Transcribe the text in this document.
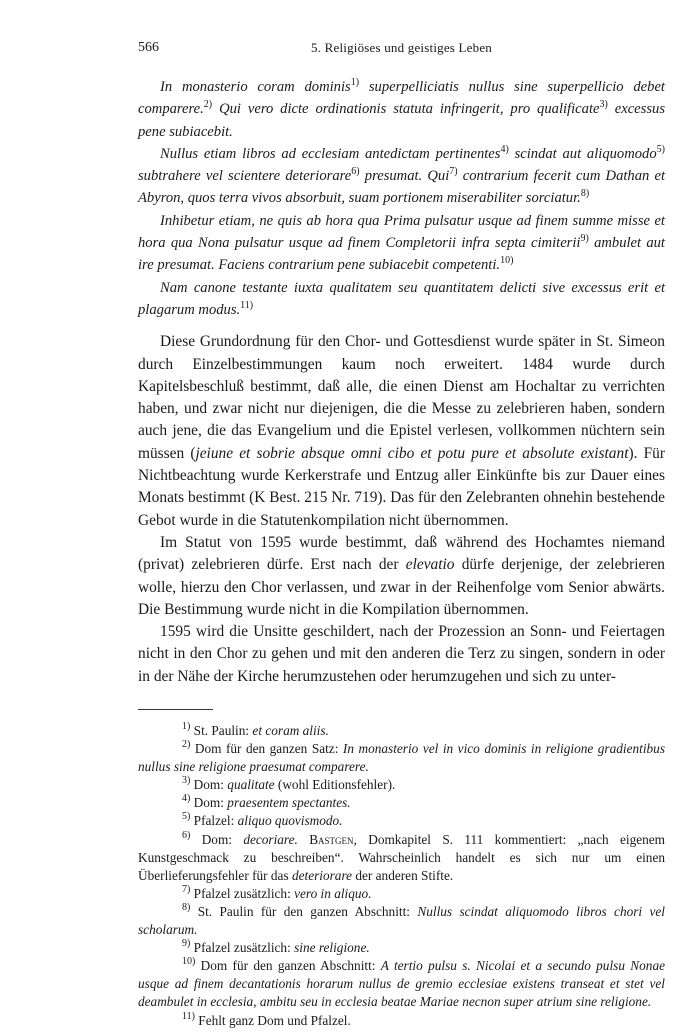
566	5. Religiöses und geistiges Leben

In monasterio coram dominis$^{1)}$ superpelliciatis nullus sine superpellicio debet comparere.$^{2)}$ Qui vero dicte ordinationis statuta infringerit, pro qualificate$^{3)}$ excessus pene subiacebit.

Nullus etiam libros ad ecclesiam antedictam pertinentes$^{4)}$ scindat aut aliquomodo$^{5)}$ subtrahere vel scientere deteriorare$^{6)}$ presumat. Qui$^{7)}$ contrarium fecerit cum Dathan et Abyron, quos terra vivos absorbuit, suam portionem miserabiliter sorciatur.$^{8)}$

Inhibetur etiam, ne quis ab hora qua Prima pulsatur usque ad finem summe misse et hora qua Nona pulsatur usque ad finem Completorii infra septa cimiterii$^{9)}$ ambulet aut ire presumat. Faciens contrarium pene subiacebit competenti.$^{10)}$

Nam canone testante iuxta qualitatem seu quantitatem delicti sive excessus erit et plagarum modus.$^{11)}$

Diese Grundordnung für den Chor- und Gottesdienst wurde später in St. Simeon durch Einzelbestimmungen kaum noch erweitert. 1484 wurde durch Kapitelsbeschluß bestimmt, daß alle, die einen Dienst am Hochaltar zu verrichten haben, und zwar nicht nur diejenigen, die die Messe zu zelebrieren haben, sondern auch jene, die das Evangelium und die Epistel verlesen, vollkommen nüchtern sein müssen (jeiune et sobrie absque omni cibo et potu pure et absolute existant). Für Nichtbeachtung wurde Kerkerstrafe und Entzug aller Einkünfte bis zur Dauer eines Monats bestimmt (K Best. 215 Nr. 719). Das für den Zelebranten ohnehin bestehende Gebot wurde in die Statutenkompilation nicht übernommen.

Im Statut von 1595 wurde bestimmt, daß während des Hochamtes niemand (privat) zelebrieren dürfe. Erst nach der elevatio dürfe derjenige, der zelebrieren wolle, hierzu den Chor verlassen, und zwar in der Reihenfolge vom Senior abwärts. Die Bestimmung wurde nicht in die Kompilation übernommen.

1595 wird die Unsitte geschildert, nach der Prozession an Sonn- und Feiertagen nicht in den Chor zu gehen und mit den anderen die Terz zu singen, sondern in oder in der Nähe der Kirche herumzustehen oder herumzugehen und sich zu unter-

$^{1)}$ St. Paulin: et coram aliis.

$^{2)}$ Dom für den ganzen Satz: In monasterio vel in vico dominis in religione gradientibus nullus sine religione praesumat comparere.

$^{3)}$ Dom: qualitate (wohl Editionsfehler).

$^{4)}$ Dom: praesentem spectantes.

$^{5)}$ Pfalzel: aliquo quovismodo.

$^{6)}$ Dom: decoriare. Bastgen, Domkapitel S. 111 kommentiert: „nach eigenem Kunstgeschmack zu beschreiben“. Wahrscheinlich handelt es sich nur um einen Überlieferungsfehler für das deteriorare der anderen Stifte.

$^{7)}$ Pfalzel zusätzlich: vero in aliquo.

$^{8)}$ St. Paulin für den ganzen Abschnitt: Nullus scindat aliquomodo libros chori vel scholarum.

$^{9)}$ Pfalzel zusätzlich: sine religione.

$^{10)}$ Dom für den ganzen Abschnitt: A tertio pulsu s. Nicolai et a secundo pulsu Nonae usque ad finem decantationis horarum nullus de gremio ecclesiae existens transeat et stet vel deambulet in ecclesia, ambitu seu in ecclesia beatae Mariae necnon super atrium sine religione.

$^{11)}$ Fehlt ganz Dom und Pfalzel.
